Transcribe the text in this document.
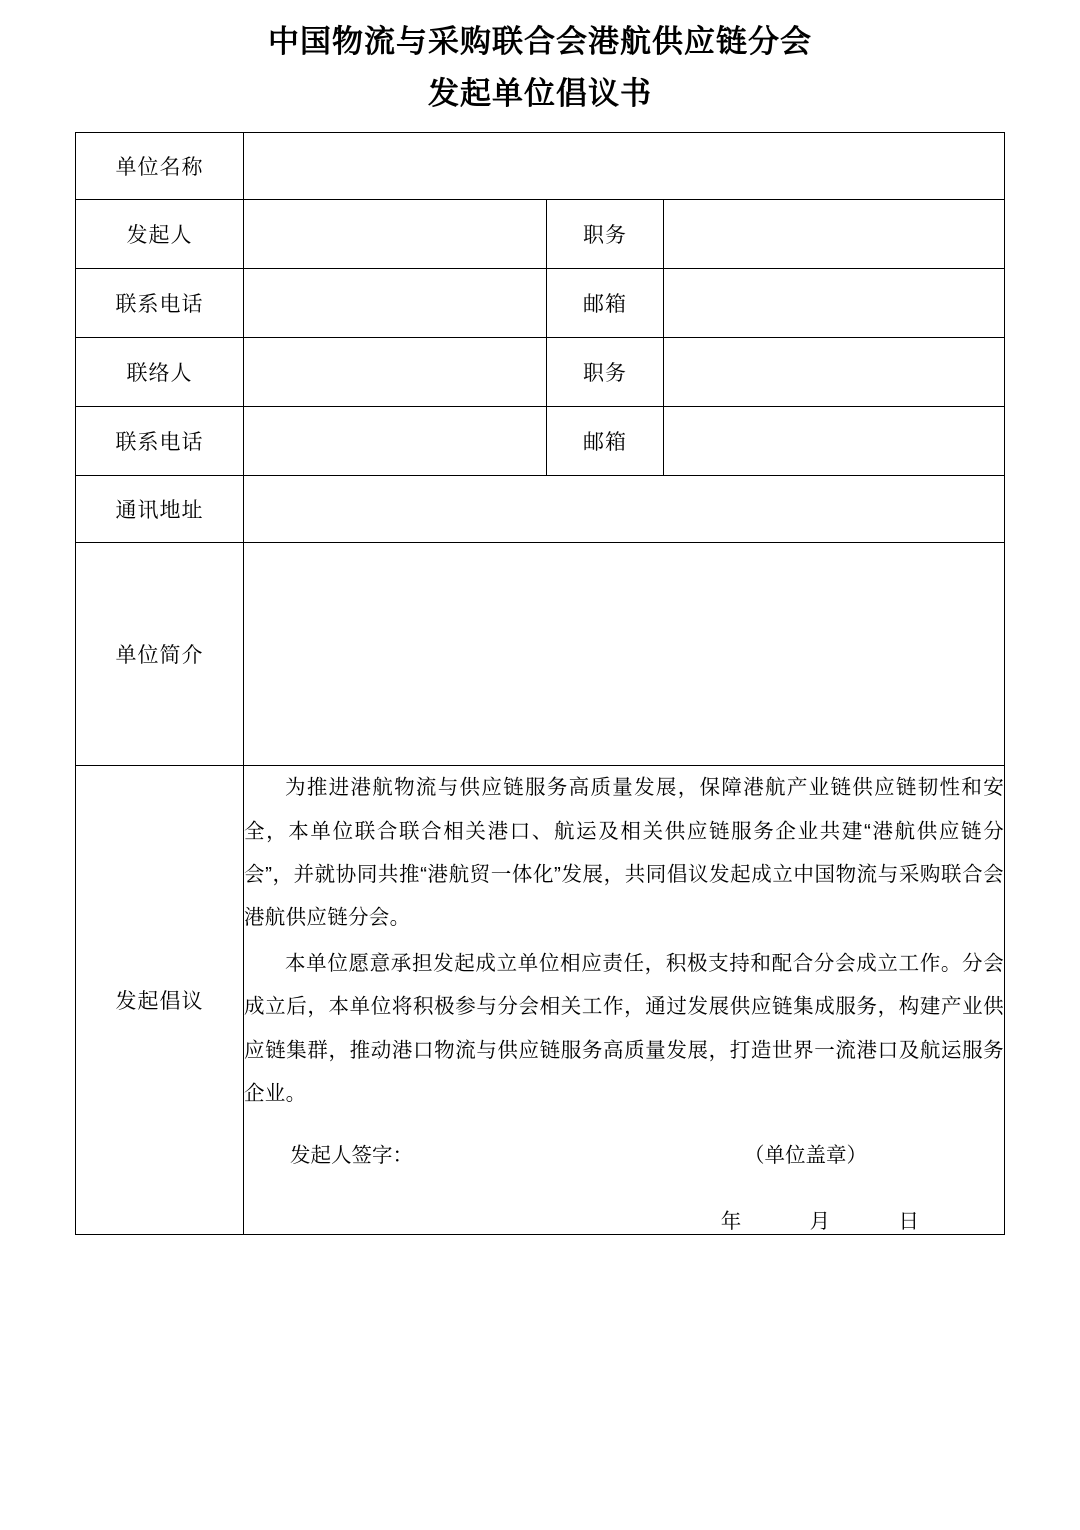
中国物流与采购联合会港航供应链分会
发起单位倡议书
单位名称			
发起人		职务	
联系电话		邮箱	
联络人		职务	
联系电话		邮箱	
通讯地址			
单位简介			
发起倡议	为推进港航物流与供应链服务高质量发展，保障港航产业链供应链韧性和安全，本单位联合联合相关港口、航运及相关供应链服务企业共建“港航供应链分会”，并就协同共推“港航贸一体化”发展，共同倡议发起成立中国物流与采购联合会港航供应链分会。

本单位愿意承担发起成立单位相应责任，积极支持和配合分会成立工作。分会成立后，本单位将积极参与分会相关工作，通过发展供应链集成服务，构建产业供应链集群，推动港口物流与供应链服务高质量发展，打造世界一流港口及航运服务企业。

发起人签字： （单位盖章）
年 月 日		
